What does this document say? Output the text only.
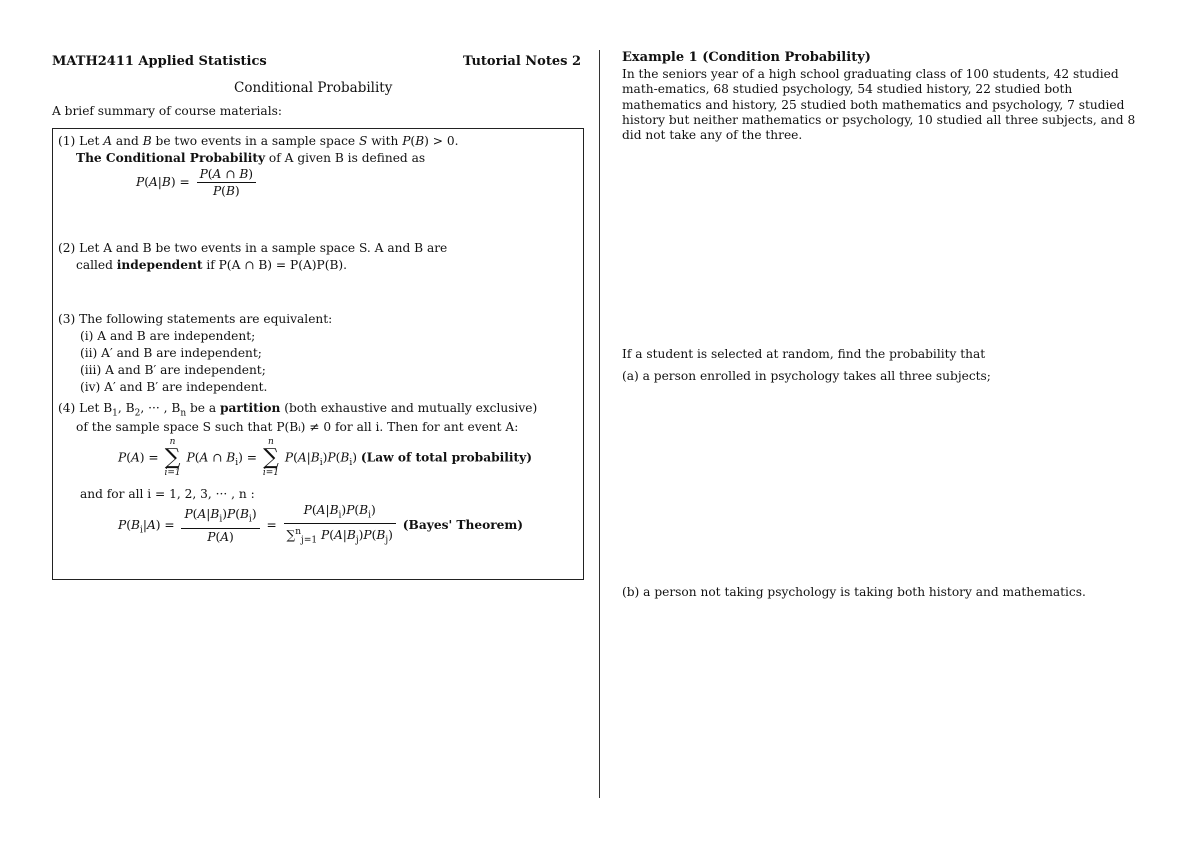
MATH2411 Applied Statistics	Tutorial Notes 2
Conditional Probability
A brief summary of course materials:
(1) Let A and B be two events in a sample space S with P(B) > 0.
The Conditional Probability of A given B is defined as
$P(A|B) = \frac{P(A \cap B)}{P(B)}$
(2) Let A and B be two events in a sample space S. A and B are
called independent if P(A ∩ B) = P(A)P(B).
(3) The following statements are equivalent:
(i) A and B are independent;
(ii) A′ and B are independent;
(iii) A and B′ are independent;
(iv) A′ and B′ are independent.
(4) Let $B_1$, $B_2$, ··· , $B_n$ be a partition (both exhaustive and mutually exclusive)
of the sample space S such that P(Bᵢ) ≠ 0 for all i. Then for ant event A:
P(A) =
n
∑
i=1
P(A ∩ $B_i$) =
n
∑
i=1
$P(A|B_i)P(B_i)$ (Law of total probability)
and for all i = 1, 2, 3, ··· , n :
$P(B_i|A) = \frac{P(A|B_i)P(B_i)}{P(A)} = \frac{P(A|B_i)P(B_i)}{\sum^n_{j=1} P(A|B_j)P(B_j)}$ (Bayes' Theorem)
Example 1 (Condition Probability)
In the seniors year of a high school graduating class of 100 students, 42 studied math-ematics, 68 studied psychology, 54 studied history, 22 studied both mathematics and history, 25 studied both mathematics and psychology, 7 studied history but neither mathematics or psychology, 10 studied all three subjects, and 8 did not take any of the three.
If a student is selected at random, find the probability that
(a) a person enrolled in psychology takes all three subjects;
(b) a person not taking psychology is taking both history and mathematics.
